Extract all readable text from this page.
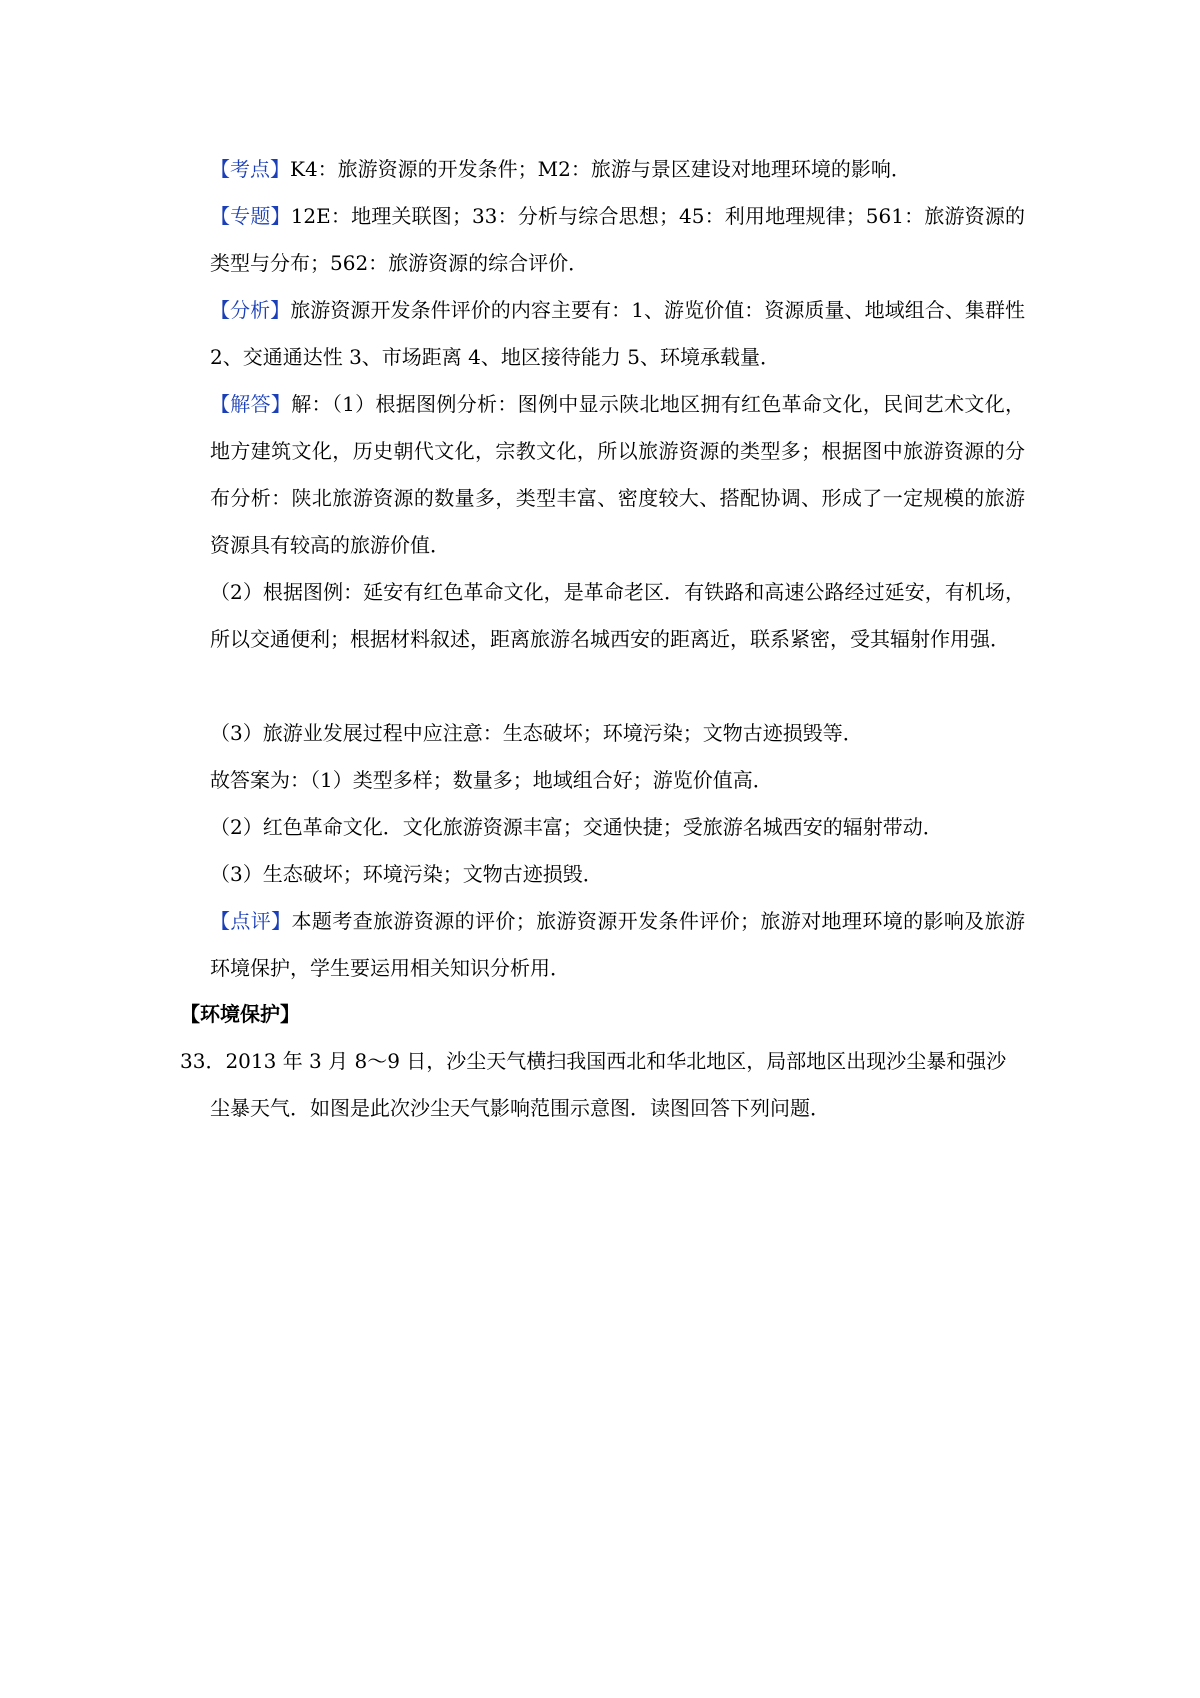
【考点】K4：旅游资源的开发条件；M2：旅游与景区建设对地理环境的影响．
【专题】12E：地理关联图；33：分析与综合思想；45：利用地理规律；561：旅游资源的类型与分布；562：旅游资源的综合评价．
【分析】旅游资源开发条件评价的内容主要有：1、游览价值：资源质量、地域组合、集群性 2、交通通达性 3、市场距离 4、地区接待能力 5、环境承载量．
【解答】解：（1）根据图例分析：图例中显示陕北地区拥有红色革命文化，民间艺术文化，地方建筑文化，历史朝代文化，宗教文化，所以旅游资源的类型多；根据图中旅游资源的分布分析：陕北旅游资源的数量多，类型丰富、密度较大、搭配协调、形成了一定规模的旅游资源具有较高的旅游价值．
（2）根据图例：延安有红色革命文化，是革命老区．有铁路和高速公路经过延安，有机场，所以交通便利；根据材料叙述，距离旅游名城西安的距离近，联系紧密，受其辐射作用强．
（3）旅游业发展过程中应注意：生态破坏；环境污染；文物古迹损毁等．
故答案为：（1）类型多样；数量多；地域组合好；游览价值高．
（2）红色革命文化．文化旅游资源丰富；交通快捷；受旅游名城西安的辐射带动．
（3）生态破坏；环境污染；文物古迹损毁．
【点评】本题考查旅游资源的评价；旅游资源开发条件评价；旅游对地理环境的影响及旅游环境保护，学生要运用相关知识分析用．
【环境保护】
33．2013 年 3 月 8～9 日，沙尘天气横扫我国西北和华北地区，局部地区出现沙尘暴和强沙尘暴天气．如图是此次沙尘天气影响范围示意图．读图回答下列问题．
